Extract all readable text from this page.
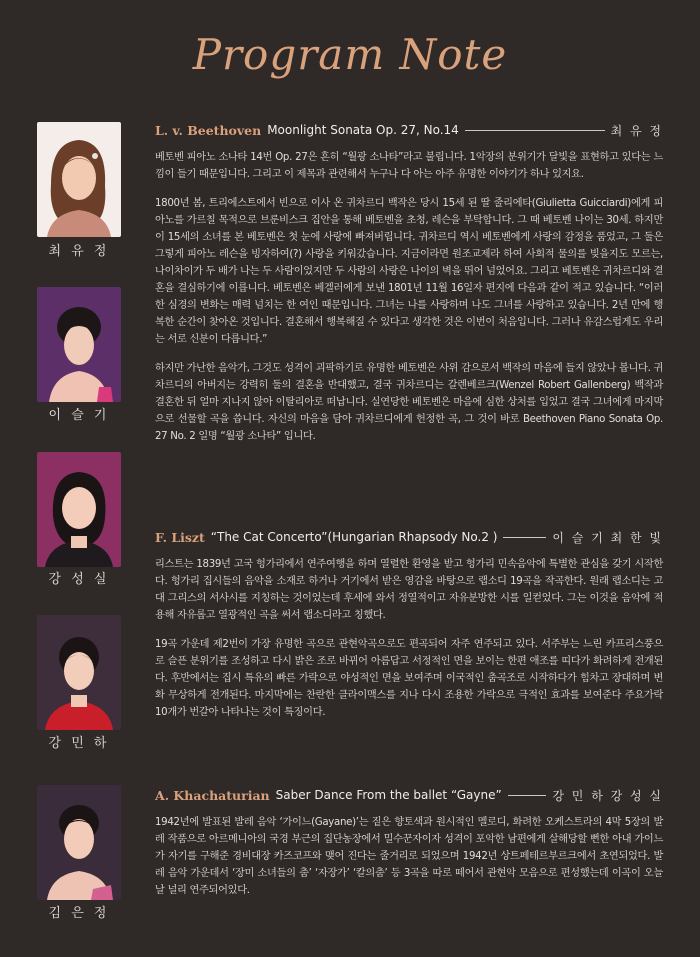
Program Note
최 유 정
이 슬 기
강 성 실
강 민 하
김 은 정
L. v. Beethoven Moonlight Sonata Op. 27, No.14	최 유 정

베토벤 피아노 소나타 14번 Op. 27은 흔히 “월광 소나타”라고 불립니다. 1악장의 분위기가 달빛을 표현하고 있다는 느낌이 들기 때문입니다. 그리고 이 제목과 관련해서 누구나 다 아는 아주 유명한 이야기가 하나 있지요.

1800년 봄, 트리에스트에서 빈으로 이사 온 귀차르디 백작은 당시 15세 된 딸 줄리에타(Giulietta Guicciardi)에게 피아노를 가르칠 목적으로 브룬비스크 집안을 통해 베토벤을 초청, 레슨을 부탁합니다. 그 때 베토벤 나이는 30세. 하지만 이 15세의 소녀를 본 베토벤은 첫 눈에 사랑에 빠져버립니다. 귀차르디 역시 베토벤에게 사랑의 감정을 품었고, 그 둘은 그렇게 피아노 레슨을 빙자하여(?) 사랑을 키워갔습니다. 지금이라면 원조교제라 하여 사회적 물의를 빚을지도 모르는, 나이차이가 두 배가 나는 두 사람이었지만 두 사람의 사랑은 나이의 벽을 뛰어 넘었어요. 그리고 베토벤은 귀차르디와 결혼을 결심하기에 이릅니다. 베토벤은 베겔러에게 보낸 1801년 11월 16일자 편지에 다음과 같이 적고 있습니다. “이러한 심경의 변화는 매력 넘치는 한 여인 때문입니다. 그녀는 나를 사랑하며 나도 그녀를 사랑하고 있습니다. 2년 만에 행복한 순간이 찾아온 것입니다. 결혼해서 행복해질 수 있다고 생각한 것은 이번이 처음입니다. 그러나 유감스럽게도 우리는 서로 신분이 다릅니다.”

하지만 가난한 음악가, 그것도 성격이 괴팍하기로 유명한 베토벤은 사위 감으로서 백작의 마음에 들지 않았나 봅니다. 귀차르디의 아버지는 강력히 둘의 결혼을 반대했고, 결국 귀차르디는 갈렌베르크(Wenzel Robert Gallenberg) 백작과 결혼한 뒤 얼마 지나지 않아 이탈리아로 떠납니다. 실연당한 베토벤은 마음에 심한 상처를 입었고 결국 그녀에게 마지막으로 선물할 곡을 씁니다. 자신의 마음을 담아 귀차르디에게 헌정한 곡, 그 것이 바로 Beethoven Piano Sonata Op. 27 No. 2 일명 “월광 소나타” 입니다.

F. Liszt “The Cat Concerto”(Hungarian Rhapsody No.2 )	이 슬 기 최 한 빛

리스트는 1839년 고국 헝가리에서 연주여행을 하며 열렬한 환영을 받고 헝가리 민속음악에 특별한 관심을 갖기 시작한다. 헝가리 집시들의 음악을 소재로 하거나 거기에서 받은 영감을 바탕으로 랩소디 19곡을 작곡한다. 원래 랩소디는 고대 그리스의 서사시를 지칭하는 것이었는데 후세에 와서 정열적이고 자유분방한 시를 일컫었다. 그는 이것을 음악에 적용해 자유롭고 열광적인 곡을 써서 랩소디라고 칭했다.

19곡 가운데 제2번이 가장 유명한 곡으로 관현악곡으로도 편곡되어 자주 연주되고 있다. 서주부는 느린 카프리스풍으로 슬픈 분위기를 조성하고 다시 밝은 조로 바뀌어 아름답고 서정적인 면을 보이는 한편 애조를 띠다가 화려하게 전개된다. 후반에서는 집시 특유의 빠른 가락으로 야성적인 면을 보여주며 이국적인 춤곡조로 시작하다가 힘차고 장대하며 변화 무상하게 전개된다. 마지막에는 찬란한 클라이맥스를 지나 다시 조용한 가락으로 극적인 효과를 보여준다 주요가락 10개가 번갈아 나타나는 것이 특징이다.

A. Khachaturian Saber Dance From the ballet “Gayne”	강 민 하 강 성 실

1942년에 발표된 발레 음악 ‘가이느(Gayane)’는 짙은 향토색과 원시적인 멜로디, 화려한 오케스트라의 4막 5장의 발레 작품으로 아르메니아의 국경 부근의 집단농장에서 밀수꾼자이자 성격이 포악한 남편에게 살해당할 뻔한 아내 가이느가 자기를 구해준 경비대장 카즈코프와 맺어 진다는 줄거리로 되었으며 1942년 상트페테르부르크에서 초연되었다. 발레 음악 가운데서 ‘장미 소녀들의 춤’ ‘자장가’ ‘칼의춤’ 등 3곡을 따로 떼어서 관현악 모음으로 편성했는데 이곡이 오늘 날 널리 연주되어있다.
